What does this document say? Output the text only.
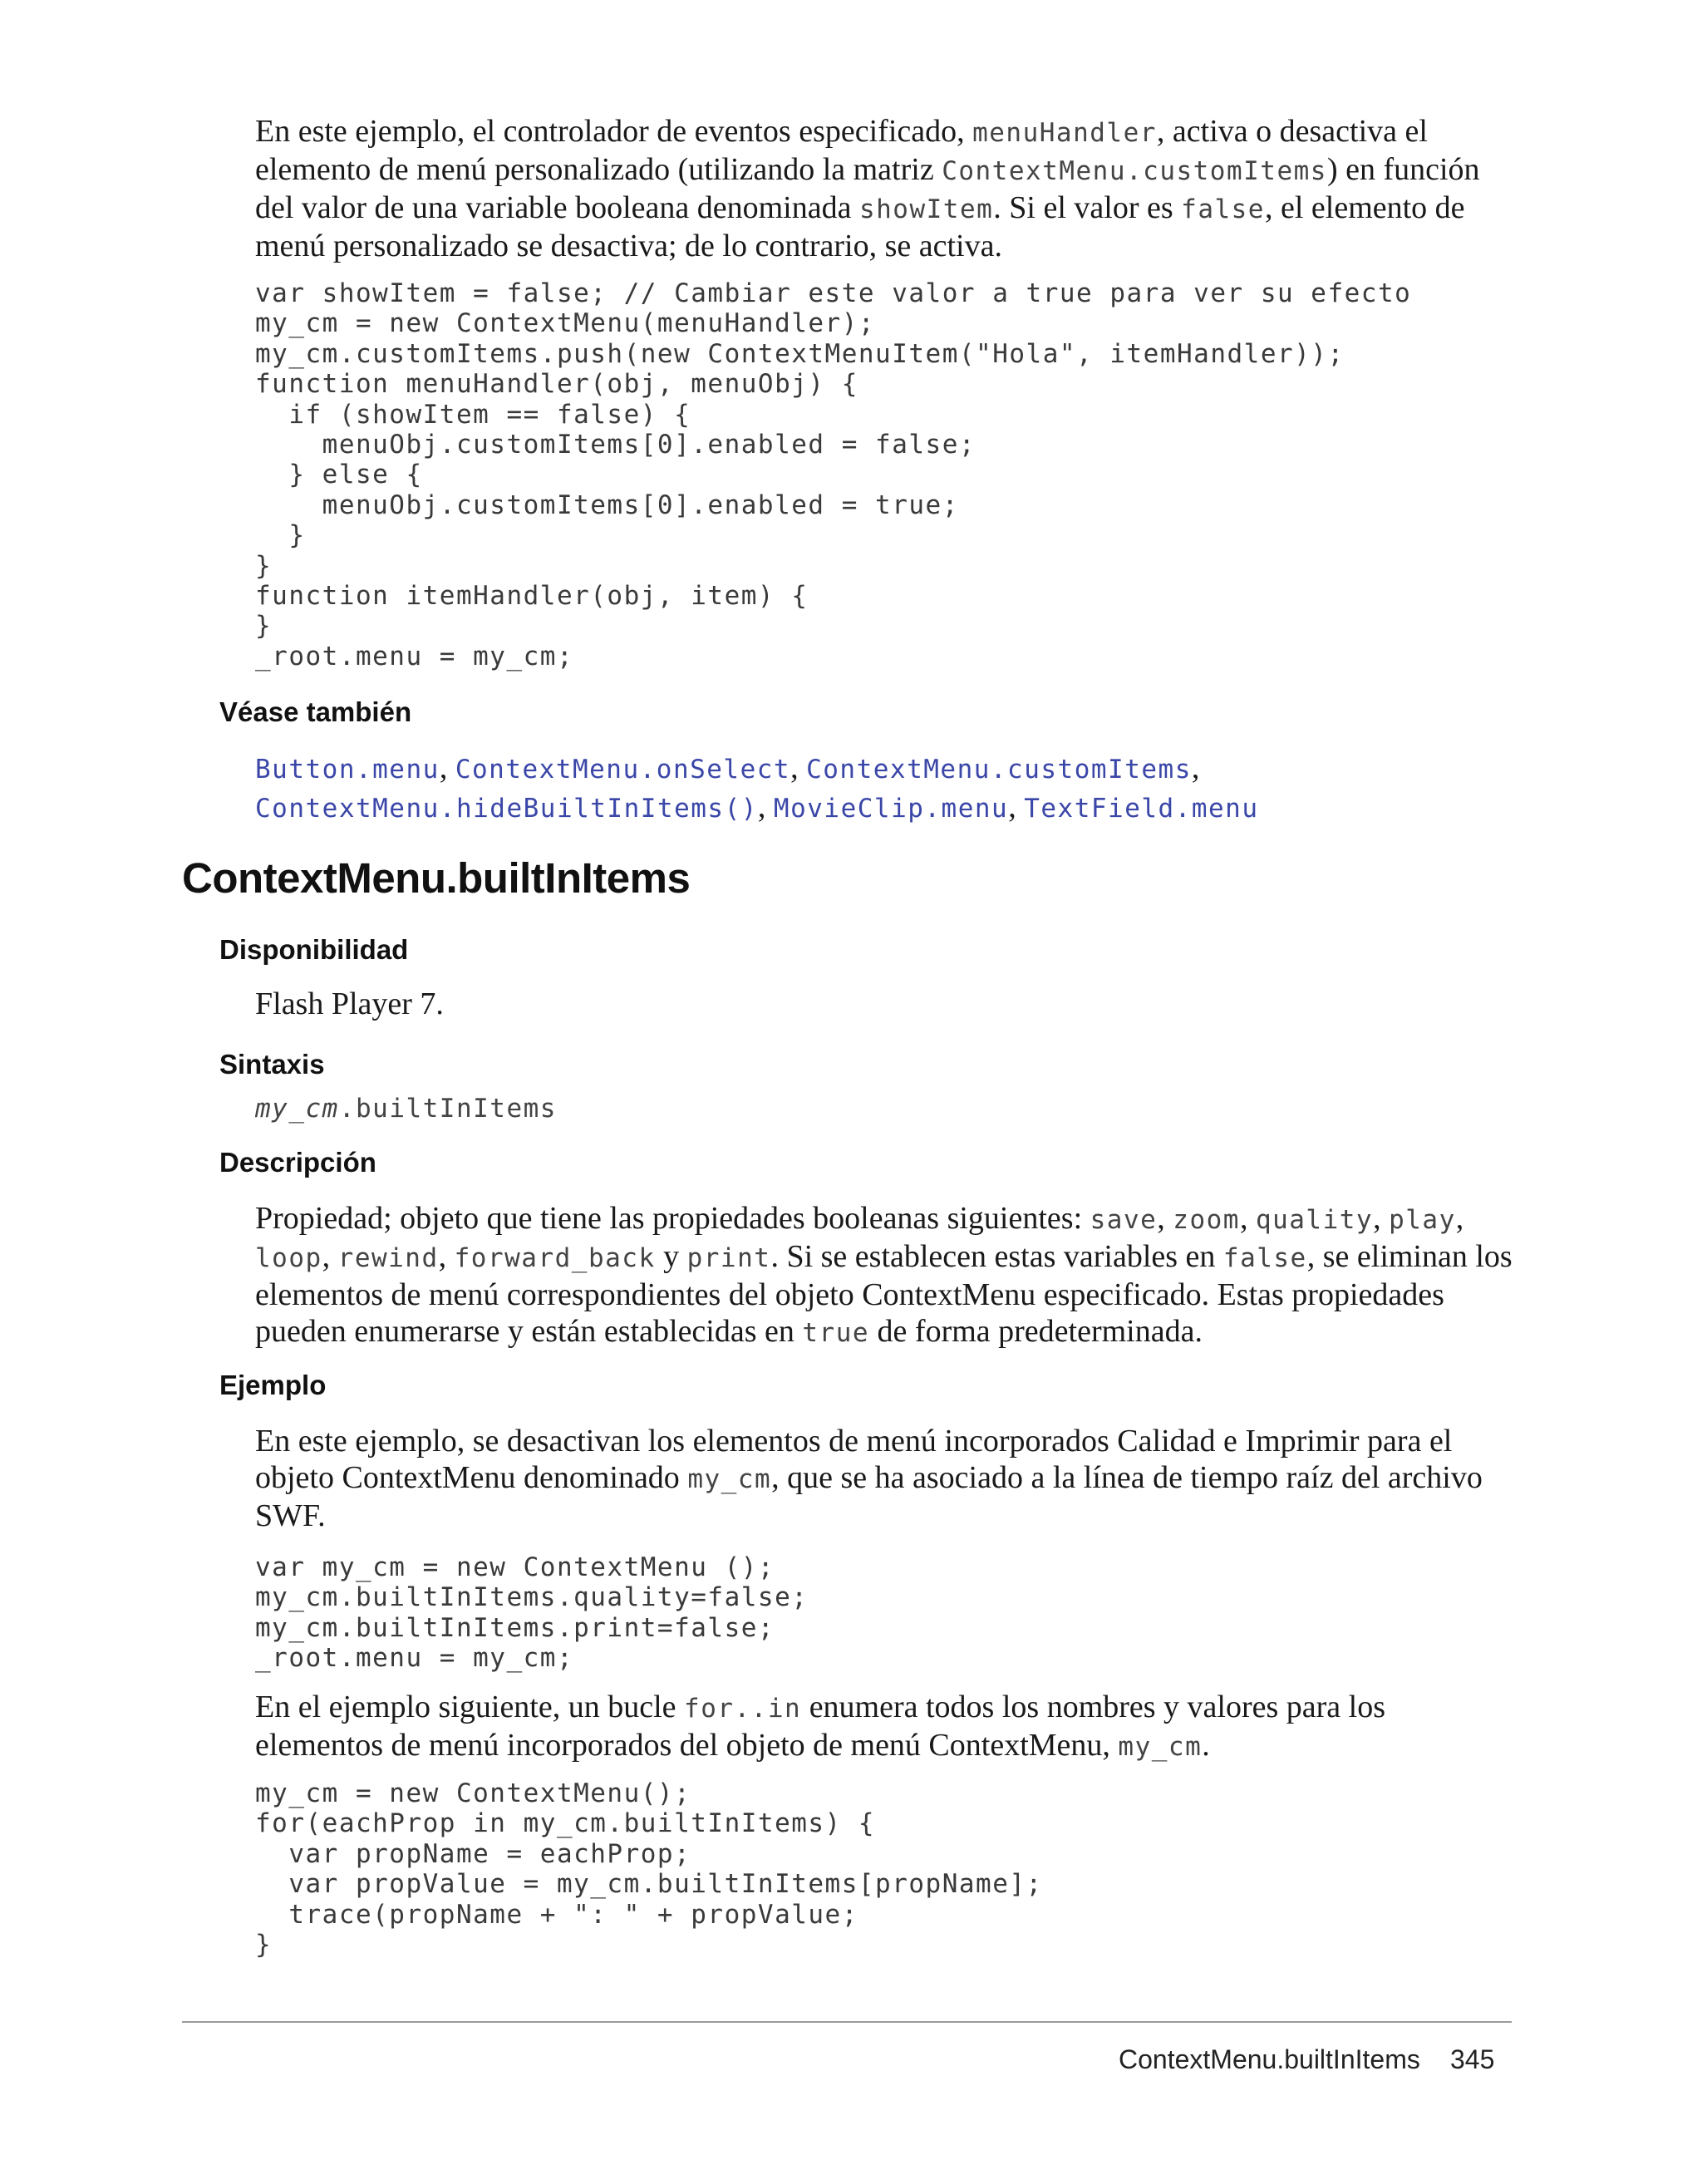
En este ejemplo, el controlador de eventos especificado, menuHandler, activa o desactiva el elemento de menú personalizado (utilizando la matriz ContextMenu.customItems) en función del valor de una variable booleana denominada showItem. Si el valor es false, el elemento de menú personalizado se desactiva; de lo contrario, se activa.

var showItem = false; // Cambiar este valor a true para ver su efecto
my_cm = new ContextMenu(menuHandler);
my_cm.customItems.push(new ContextMenuItem("Hola", itemHandler));
function menuHandler(obj, menuObj) {
if (showItem == false) {
menuObj.customItems[0].enabled = false;
} else {
menuObj.customItems[0].enabled = true;
}
}
function itemHandler(obj, item) {
}
_root.menu = my_cm;
Véase también

Button.menu, ContextMenu.onSelect, ContextMenu.customItems,
ContextMenu.hideBuiltInItems(), MovieClip.menu, TextField.menu

ContextMenu.builtInItems
Disponibilidad

Flash Player 7.

Sintaxis

my_cm.builtInItems

Descripción

Propiedad; objeto que tiene las propiedades booleanas siguientes: save, zoom, quality, play, loop, rewind, forward_back y print. Si se establecen estas variables en false, se eliminan los elementos de menú correspondientes del objeto ContextMenu especificado. Estas propiedades pueden enumerarse y están establecidas en true de forma predeterminada.

Ejemplo

En este ejemplo, se desactivan los elementos de menú incorporados Calidad e Imprimir para el objeto ContextMenu denominado my_cm, que se ha asociado a la línea de tiempo raíz del archivo SWF.

var my_cm = new ContextMenu ();
my_cm.builtInItems.quality=false;
my_cm.builtInItems.print=false;
_root.menu = my_cm;

En el ejemplo siguiente, un bucle for..in enumera todos los nombres y valores para los elementos de menú incorporados del objeto de menú ContextMenu, my_cm.

my_cm = new ContextMenu();
for(eachProp in my_cm.builtInItems) {
var propName = eachProp;
var propValue = my_cm.builtInItems[propName];
trace(propName + ": " + propValue;
}

ContextMenu.builtInItems 345
